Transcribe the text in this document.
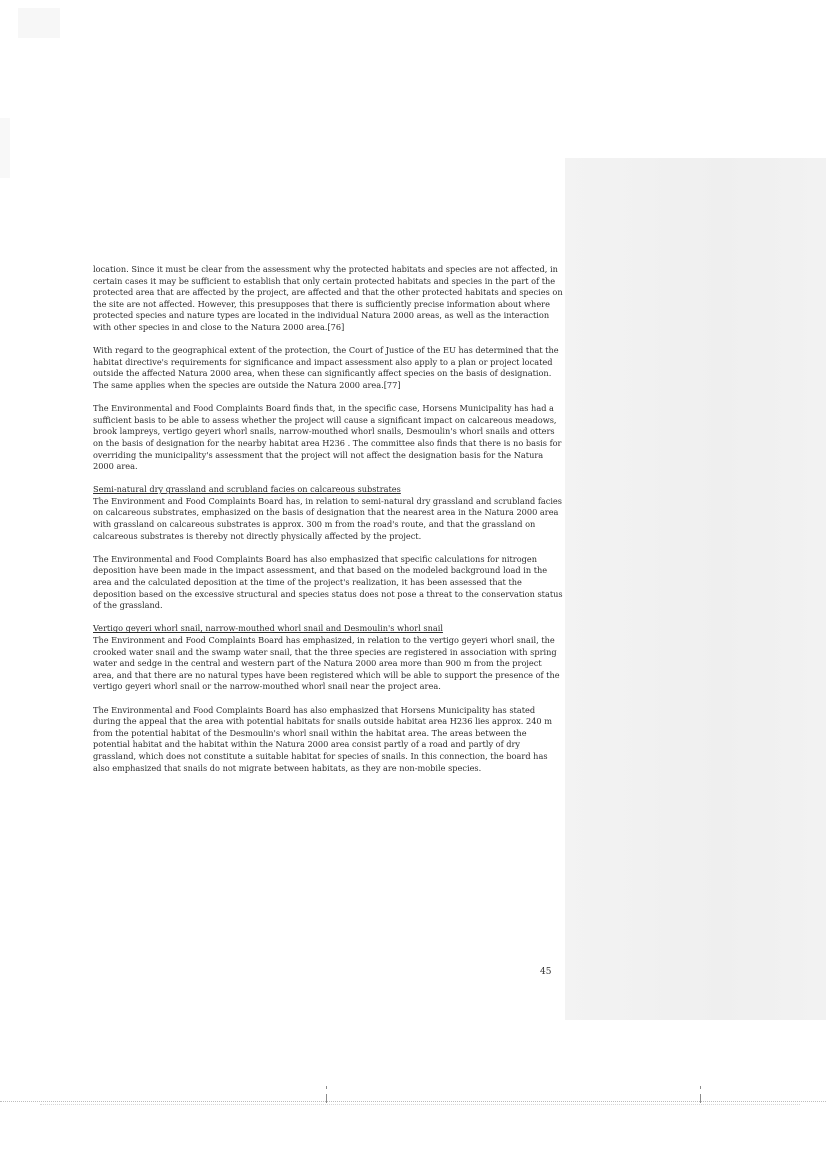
location. Since it must be clear from the assessment why the protected habitats and species are not affected, in certain cases it may be sufficient to establish that only certain protected habitats and species in the part of the protected area that are affected by the project, are affected and that the other protected habitats and species on the site are not affected. However, this presupposes that there is sufficiently precise information about where protected species and nature types are located in the individual Natura 2000 areas, as well as the interaction with other species in and close to the Natura 2000 area.[76]

With regard to the geographical extent of the protection, the Court of Justice of the EU has determined that the habitat directive's requirements for significance and impact assessment also apply to a plan or project located outside the affected Natura 2000 area, when these can significantly affect species on the basis of designation. The same applies when the species are outside the Natura 2000 area.[77]

The Environmental and Food Complaints Board finds that, in the specific case, Horsens Municipality has had a sufficient basis to be able to assess whether the project will cause a significant impact on calcareous meadows, brook lampreys, vertigo geyeri whorl snails, narrow-mouthed whorl snails, Desmoulin's whorl snails and otters on the basis of designation for the nearby habitat area H236 . The committee also finds that there is no basis for overriding the municipality's assessment that the project will not affect the designation basis for the Natura 2000 area.

Semi-natural dry grassland and scrubland facies on calcareous substrates
The Environment and Food Complaints Board has, in relation to semi-natural dry grassland and scrubland facies on calcareous substrates, emphasized on the basis of designation that the nearest area in the Natura 2000 area with grassland on calcareous substrates is approx. 300 m from the road's route, and that the grassland on calcareous substrates is thereby not directly physically affected by the project.

The Environmental and Food Complaints Board has also emphasized that specific calculations for nitrogen deposition have been made in the impact assessment, and that based on the modeled background load in the area and the calculated deposition at the time of the project's realization, it has been assessed that the deposition based on the excessive structural and species status does not pose a threat to the conservation status of the grassland.

Vertigo geyeri whorl snail, narrow-mouthed whorl snail and Desmoulin's whorl snail
The Environment and Food Complaints Board has emphasized, in relation to the vertigo geyeri whorl snail, the crooked water snail and the swamp water snail, that the three species are registered in association with spring water and sedge in the central and western part of the Natura 2000 area more than 900 m from the project area, and that there are no natural types have been registered which will be able to support the presence of the vertigo geyeri whorl snail or the narrow-mouthed whorl snail near the project area.

The Environmental and Food Complaints Board has also emphasized that Horsens Municipality has stated during the appeal that the area with potential habitats for snails outside habitat area H236 lies approx. 240 m from the potential habitat of the Desmoulin's whorl snail within the habitat area. The areas between the potential habitat and the habitat within the Natura 2000 area consist partly of a road and partly of dry grassland, which does not constitute a suitable habitat for species of snails. In this connection, the board has also emphasized that snails do not migrate between habitats, as they are non-mobile species.

45
